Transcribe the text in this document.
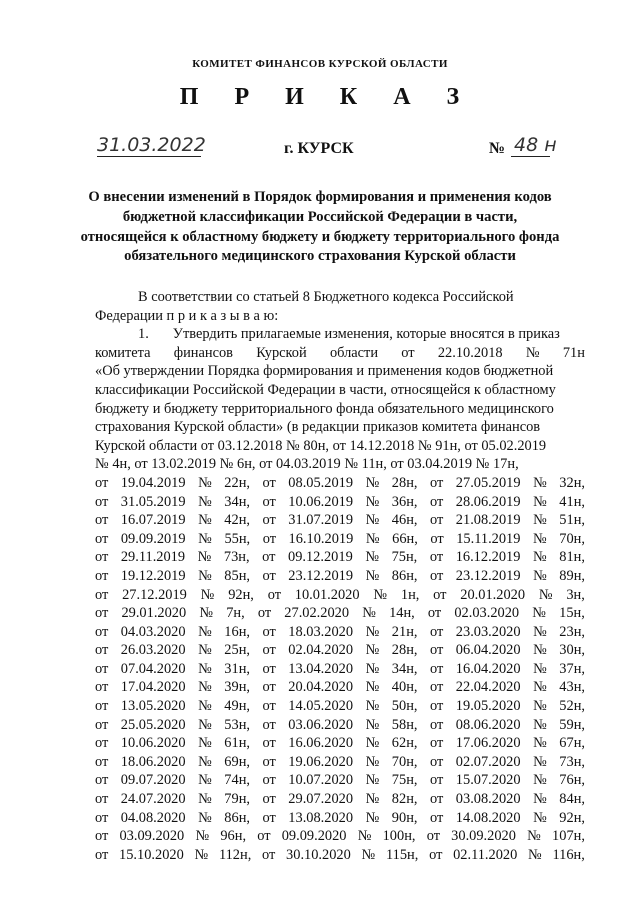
КОМИТЕТ ФИНАНСОВ КУРСКОЙ ОБЛАСТИ
П Р И К А З
31.03.2022	г. КУРСК	№ 48 н
О внесении изменений в Порядок формирования и применения кодов бюджетной классификации Российской Федерации в части, относящейся к областному бюджету и бюджету территориального фонда обязательного медицинского страхования Курской области
В соответствии со статьей 8 Бюджетного кодекса Российской
Федерации п р и к а з ы в а ю:
1. Утвердить прилагаемые изменения, которые вносятся в приказ
комитета финансов Курской области от 22.10.2018 № 71н
«Об утверждении Порядка формирования и применения кодов бюджетной
классификации Российской Федерации в части, относящейся к областному
бюджету и бюджету территориального фонда обязательного медицинского
страхования Курской области» (в редакции приказов комитета финансов
Курской области от 03.12.2018 № 80н, от 14.12.2018 № 91н, от 05.02.2019
№ 4н, от 13.02.2019 № 6н, от 04.03.2019 № 11н, от 03.04.2019 № 17н,
от 19.04.2019 № 22н, от 08.05.2019 № 28н, от 27.05.2019 № 32н,
от 31.05.2019 № 34н, от 10.06.2019 № 36н, от 28.06.2019 № 41н,
от 16.07.2019 № 42н, от 31.07.2019 № 46н, от 21.08.2019 № 51н,
от 09.09.2019 № 55н, от 16.10.2019 № 66н, от 15.11.2019 № 70н,
от 29.11.2019 № 73н, от 09.12.2019 № 75н, от 16.12.2019 № 81н,
от 19.12.2019 № 85н, от 23.12.2019 № 86н, от 23.12.2019 № 89н,
от 27.12.2019 № 92н, от 10.01.2020 № 1н, от 20.01.2020 № 3н,
от 29.01.2020 № 7н, от 27.02.2020 № 14н, от 02.03.2020 № 15н,
от 04.03.2020 № 16н, от 18.03.2020 № 21н, от 23.03.2020 № 23н,
от 26.03.2020 № 25н, от 02.04.2020 № 28н, от 06.04.2020 № 30н,
от 07.04.2020 № 31н, от 13.04.2020 № 34н, от 16.04.2020 № 37н,
от 17.04.2020 № 39н, от 20.04.2020 № 40н, от 22.04.2020 № 43н,
от 13.05.2020 № 49н, от 14.05.2020 № 50н, от 19.05.2020 № 52н,
от 25.05.2020 № 53н, от 03.06.2020 № 58н, от 08.06.2020 № 59н,
от 10.06.2020 № 61н, от 16.06.2020 № 62н, от 17.06.2020 № 67н,
от 18.06.2020 № 69н, от 19.06.2020 № 70н, от 02.07.2020 № 73н,
от 09.07.2020 № 74н, от 10.07.2020 № 75н, от 15.07.2020 № 76н,
от 24.07.2020 № 79н, от 29.07.2020 № 82н, от 03.08.2020 № 84н,
от 04.08.2020 № 86н, от 13.08.2020 № 90н, от 14.08.2020 № 92н,
от 03.09.2020 № 96н, от 09.09.2020 № 100н, от 30.09.2020 № 107н,
от 15.10.2020 № 112н, от 30.10.2020 № 115н, от 02.11.2020 № 116н,
